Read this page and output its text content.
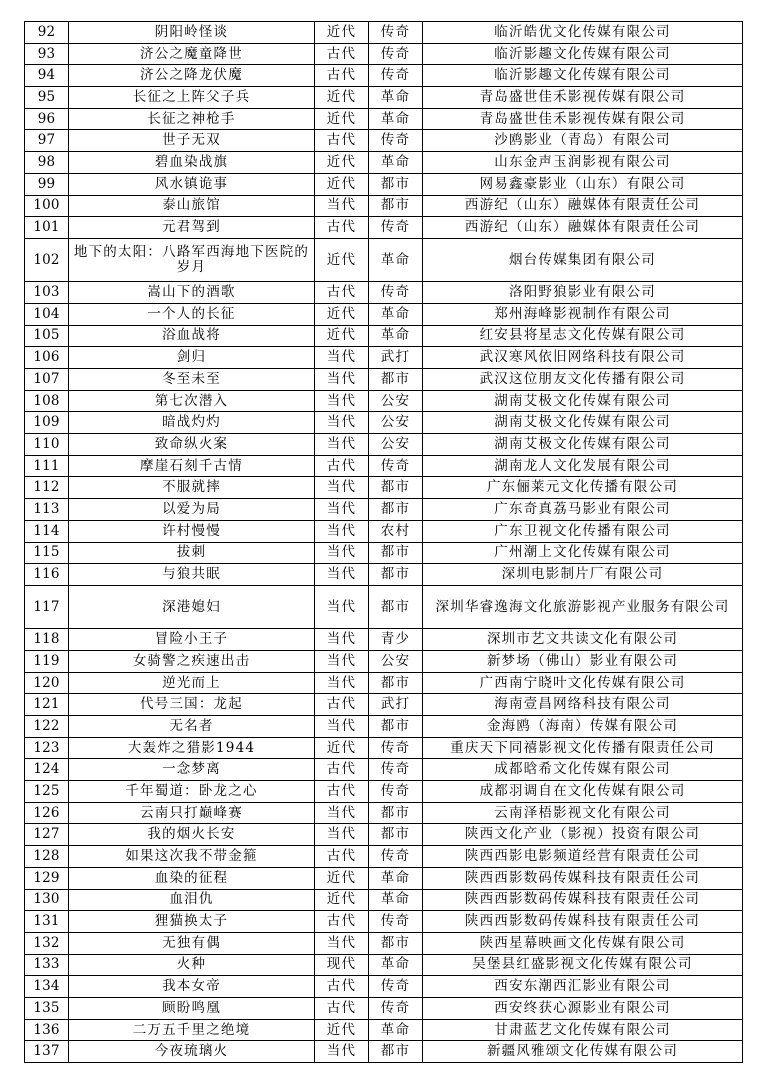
92	阴阳岭怪谈	近代	传奇	临沂皓优文化传媒有限公司
93	济公之魔童降世	古代	传奇	临沂影趣文化传媒有限公司
94	济公之降龙伏魔	古代	传奇	临沂影趣文化传媒有限公司
95	长征之上阵父子兵	近代	革命	青岛盛世佳禾影视传媒有限公司
96	长征之神枪手	近代	革命	青岛盛世佳禾影视传媒有限公司
97	世子无双	古代	传奇	沙鸥影业（青岛）有限公司
98	碧血染战旗	近代	革命	山东金声玉润影视有限公司
99	风水镇诡事	近代	都市	网易鑫豪影业（山东）有限公司
100	泰山旅馆	当代	都市	西游纪（山东）融媒体有限责任公司
101	元君驾到	古代	传奇	西游纪（山东）融媒体有限责任公司
102	地下的太阳：八路军西海地下医院的岁月	近代	革命	烟台传媒集团有限公司
103	嵩山下的酒歌	古代	传奇	洛阳野狼影业有限公司
104	一个人的长征	近代	革命	郑州海峰影视制作有限公司
105	浴血战将	近代	革命	红安县将星志文化传媒有限公司
106	剑归	当代	武打	武汉寒风依旧网络科技有限公司
107	冬至未至	当代	都市	武汉这位朋友文化传播有限公司
108	第七次潜入	当代	公安	湖南艾极文化传媒有限公司
109	暗战灼灼	当代	公安	湖南艾极文化传媒有限公司
110	致命纵火案	当代	公安	湖南艾极文化传媒有限公司
111	摩崖石刻千古情	古代	传奇	湖南龙人文化发展有限公司
112	不服就摔	当代	都市	广东俪莱元文化传播有限公司
113	以爱为局	当代	都市	广东奇真荔马影业有限公司
114	许村慢慢	当代	农村	广东卫视文化传播有限公司
115	拔刺	当代	都市	广州潮上文化传媒有限公司
116	与狼共眠	当代	都市	深圳电影制片厂有限公司
117	深港媳妇	当代	都市	深圳华睿逸海文化旅游影视产业服务有限公司
118	冒险小王子	当代	青少	深圳市艺文共读文化有限公司
119	女骑警之疾速出击	当代	公安	新梦场（佛山）影业有限公司
120	逆光而上	当代	都市	广西南宁晓叶文化传媒有限公司
121	代号三国：龙起	古代	武打	海南壹昌网络科技有限公司
122	无名者	当代	都市	金海鸥（海南）传媒有限公司
123	大轰炸之猎影1944	近代	传奇	重庆天下同禧影视文化传播有限责任公司
124	一念梦离	古代	传奇	成都晗希文化传媒有限公司
125	千年蜀道：卧龙之心	古代	传奇	成都羽调自在文化传媒有限公司
126	云南只打巅峰赛	当代	都市	云南泽梧影视文化有限公司
127	我的烟火长安	当代	都市	陕西文化产业（影视）投资有限公司
128	如果这次我不带金箍	古代	传奇	陕西西影电影频道经营有限责任公司
129	血染的征程	近代	革命	陕西西影数码传媒科技有限责任公司
130	血泪仇	近代	革命	陕西西影数码传媒科技有限责任公司
131	狸猫换太子	古代	传奇	陕西西影数码传媒科技有限责任公司
132	无独有偶	当代	都市	陕西星幕映画文化传媒有限公司
133	火种	现代	革命	吴堡县红盛影视文化传媒有限公司
134	我本女帝	古代	传奇	西安东潮西汇影业有限公司
135	顾盼鸣凰	古代	传奇	西安终获心源影业有限公司
136	二万五千里之绝境	近代	革命	甘肃蓝艺文化传媒有限公司
137	今夜琉璃火	当代	都市	新疆风雅颂文化传媒有限公司
